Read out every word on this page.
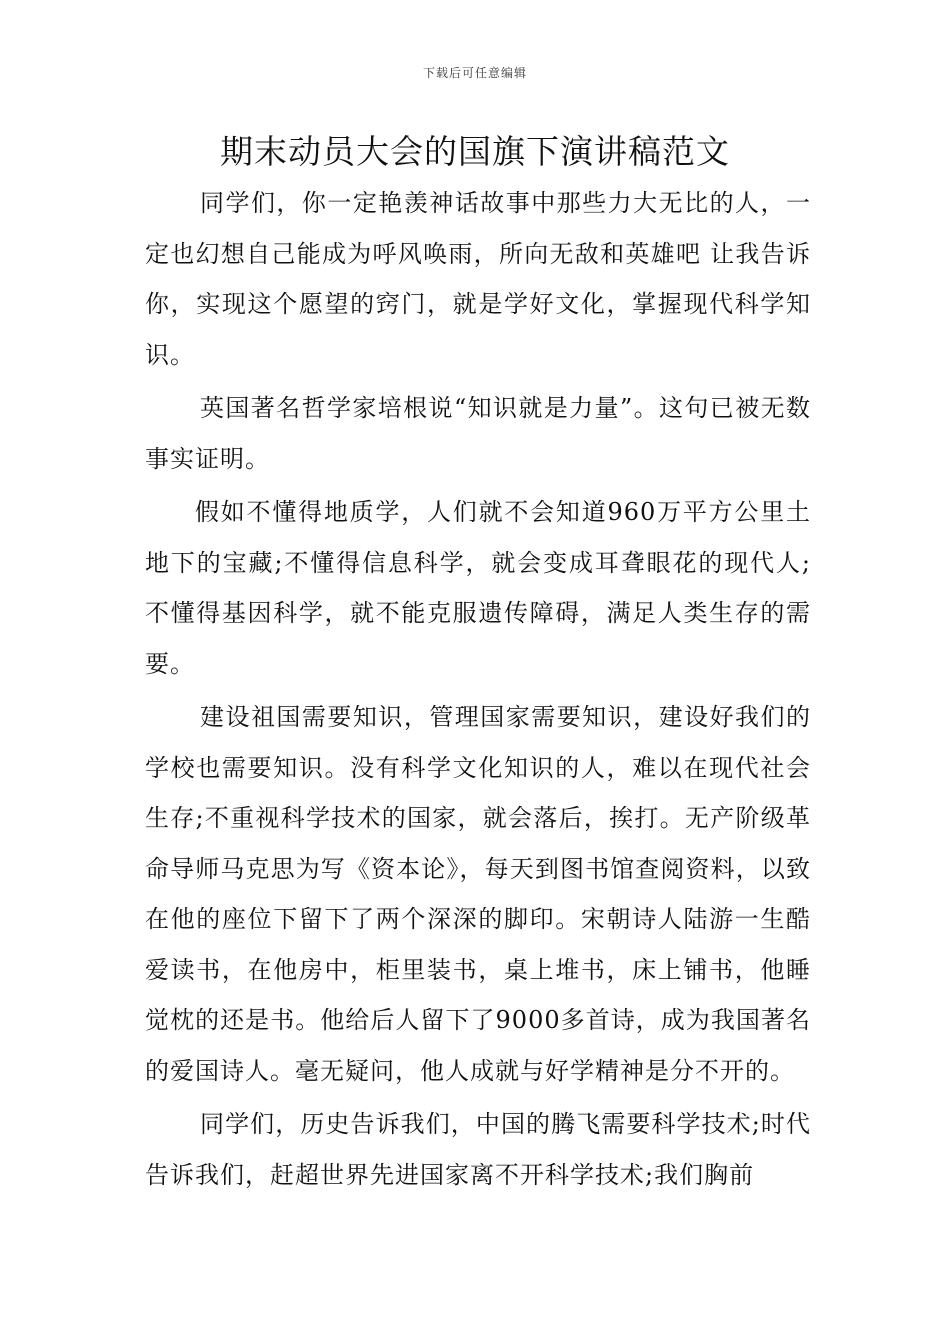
下载后可任意编辑
期末动员大会的国旗下演讲稿范文

同学们，你一定艳羡神话故事中那些力大无比的人，一定也幻想自己能成为呼风唤雨，所向无敌和英雄吧 让我告诉你，实现这个愿望的窍门，就是学好文化，掌握现代科学知识。

英国著名哲学家培根说“知识就是力量”。这句已被无数事实证明。

假如不懂得地质学，人们就不会知道960万平方公里土地下的宝藏;不懂得信息科学，就会变成耳聋眼花的现代人;不懂得基因科学，就不能克服遗传障碍，满足人类生存的需要。

建设祖国需要知识，管理国家需要知识，建设好我们的学校也需要知识。没有科学文化知识的人，难以在现代社会生存;不重视科学技术的国家，就会落后，挨打。无产阶级革命导师马克思为写《资本论》，每天到图书馆查阅资料，以致在他的座位下留下了两个深深的脚印。宋朝诗人陆游一生酷爱读书，在他房中，柜里装书，桌上堆书，床上铺书，他睡觉枕的还是书。他给后人留下了9000多首诗，成为我国著名的爱国诗人。毫无疑问，他人成就与好学精神是分不开的。

同学们，历史告诉我们，中国的腾飞需要科学技术;时代告诉我们，赶超世界先进国家离不开科学技术;我们胸前
